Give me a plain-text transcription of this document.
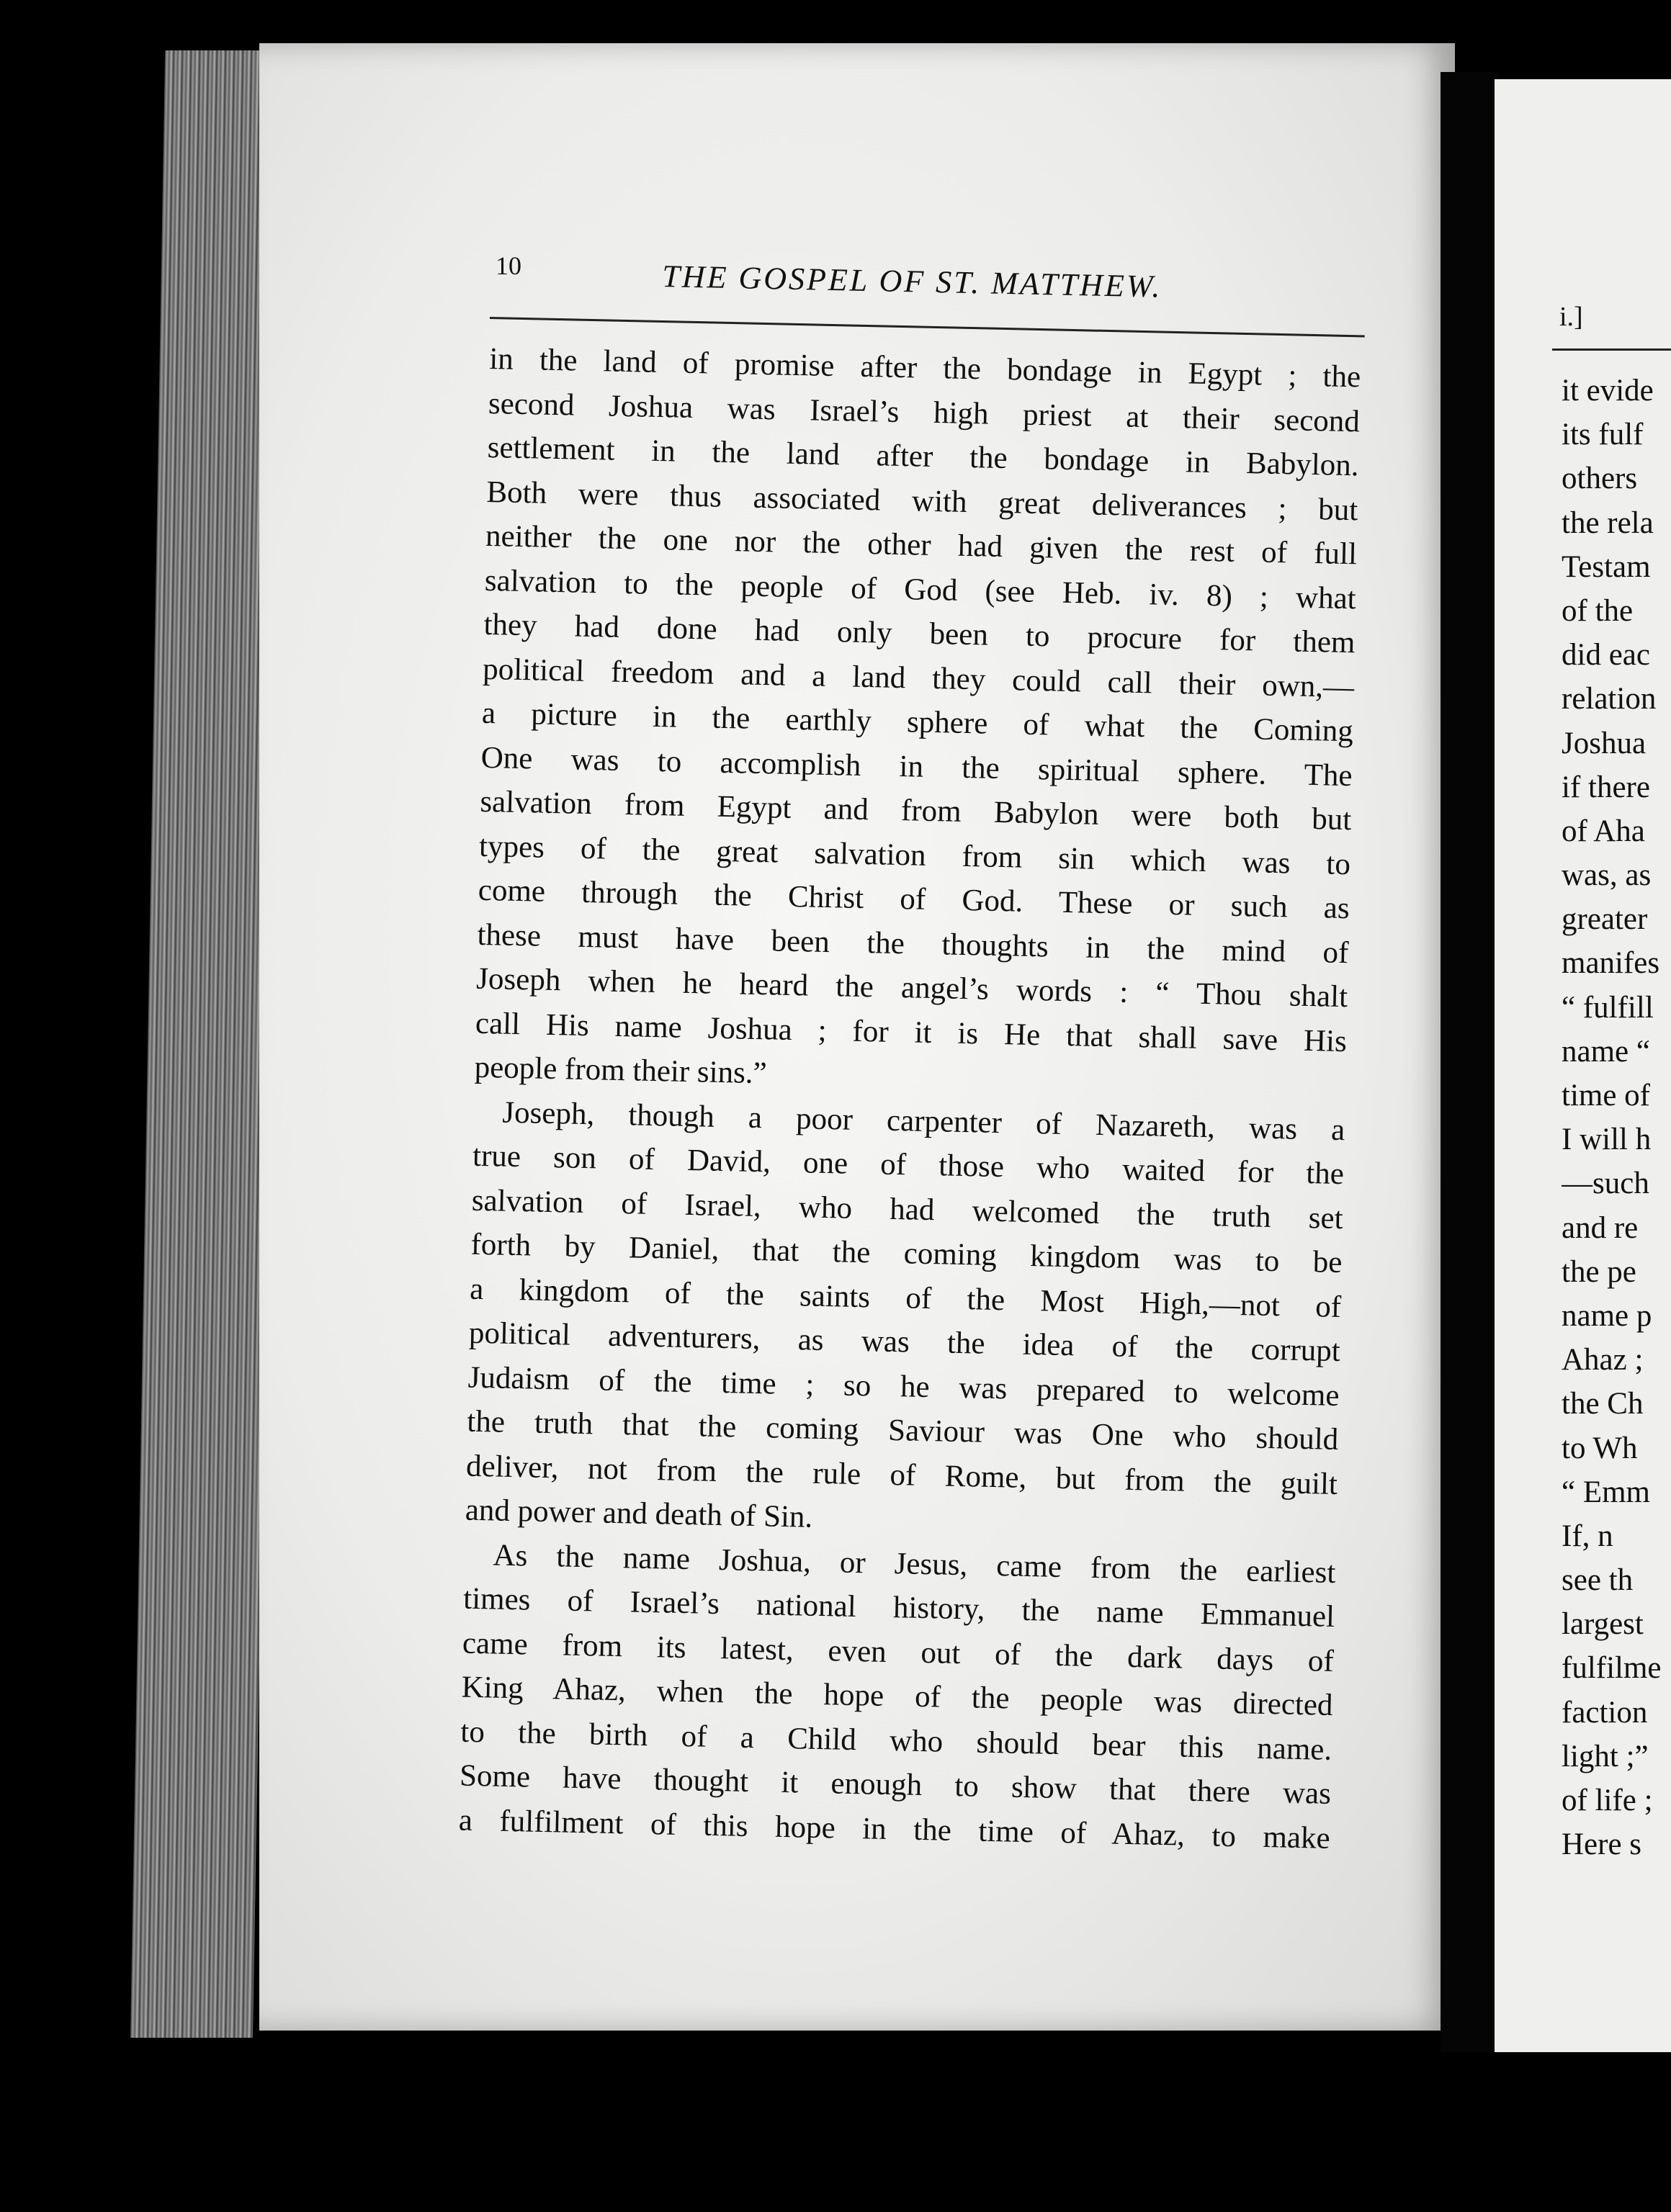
10	THE GOSPEL OF ST. MATTHEW.
in the land of promise after the bondage in Egypt ; the
second Joshua was Israel’s high priest at their second
settlement in the land after the bondage in Babylon.
Both were thus associated with great deliverances ; but
neither the one nor the other had given the rest of full
salvation to the people of God (see Heb. iv. 8) ; what
they had done had only been to procure for them
political freedom and a land they could call their own,—
a picture in the earthly sphere of what the Coming
One was to accomplish in the spiritual sphere. The
salvation from Egypt and from Babylon were both but
types of the great salvation from sin which was to
come through the Christ of God. These or such as
these must have been the thoughts in the mind of
Joseph when he heard the angel’s words : “ Thou shalt
call His name Joshua ; for it is He that shall save His
people from their sins.”
Joseph, though a poor carpenter of Nazareth, was a
true son of David, one of those who waited for the
salvation of Israel, who had welcomed the truth set
forth by Daniel, that the coming kingdom was to be
a kingdom of the saints of the Most High,—not of
political adventurers, as was the idea of the corrupt
Judaism of the time ; so he was prepared to welcome
the truth that the coming Saviour was One who should
deliver, not from the rule of Rome, but from the guilt
and power and death of Sin.
As the name Joshua, or Jesus, came from the earliest
times of Israel’s national history, the name Emmanuel
came from its latest, even out of the dark days of
King Ahaz, when the hope of the people was directed
to the birth of a Child who should bear this name.
Some have thought it enough to show that there was
a fulfilment of this hope in the time of Ahaz, to make
it evide
its fulf
others
the rela
Testam
of the
did eac
relation
Joshua
if there
of Aha
was, as
greater
manifes
“ fulfill
name “
time of
I will h
—such
and re
the pe
name p
Ahaz ;
the Ch
to Wh
“ Emm
If, n
see th
largest
fulfilme
faction
light ;”
of life ;
Here s
i.]
